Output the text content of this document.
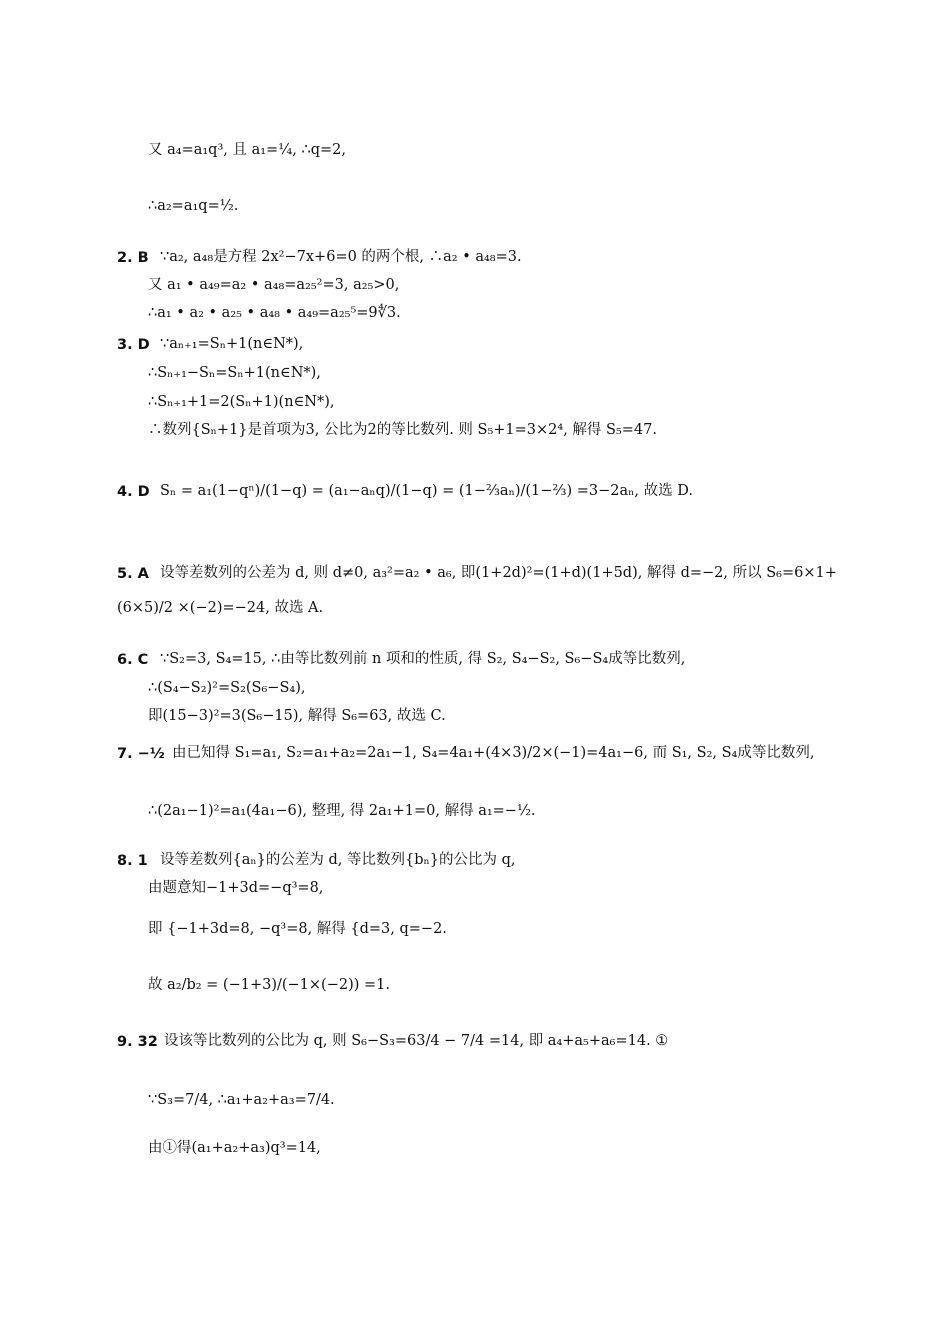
又 a₄=a₁q³, 且 a₁=¼, ∴q=2,
∴a₂=a₁q=½.
2. B ∵a₂, a₄₈是方程 2x²−7x+6=0 的两个根, ∴a₂ • a₄₈=3.
又 a₁ • a₄₉=a₂ • a₄₈=a₂₅²=3, a₂₅>0,
∴a₁ • a₂ • a₂₅ • a₄₈ • a₄₉=a₂₅⁵=9∜3.
3. D ∵aₙ₊₁=Sₙ+1(n∈N*),
∴Sₙ₊₁−Sₙ=Sₙ+1(n∈N*),
∴Sₙ₊₁+1=2(Sₙ+1)(n∈N*),
∴数列{Sₙ+1}是首项为3, 公比为2的等比数列. 则 S₅+1=3×2⁴, 解得 S₅=47.
4. D Sₙ = a₁(1−qⁿ)/(1−q) = (a₁−aₙq)/(1−q) = (1−⅔aₙ)/(1−⅔) =3−2aₙ, 故选 D.
5. A 设等差数列的公差为 d, 则 d≠0, a₃²=a₂ • a₆, 即(1+2d)²=(1+d)(1+5d), 解得 d=−2, 所以 S₆=6×1+
(6×5)/2 ×(−2)=−24, 故选 A.
6. C ∵S₂=3, S₄=15, ∴由等比数列前 n 项和的性质, 得 S₂, S₄−S₂, S₆−S₄成等比数列,
∴(S₄−S₂)²=S₂(S₆−S₄),
即(15−3)²=3(S₆−15), 解得 S₆=63, 故选 C.
7. −½ 由已知得 S₁=a₁, S₂=a₁+a₂=2a₁−1, S₄=4a₁+(4×3)/2×(−1)=4a₁−6, 而 S₁, S₂, S₄成等比数列,
∴(2a₁−1)²=a₁(4a₁−6), 整理, 得 2a₁+1=0, 解得 a₁=−½.
8. 1 设等差数列{aₙ}的公差为 d, 等比数列{bₙ}的公比为 q,
由题意知−1+3d=−q³=8,
即 {−1+3d=8, −q³=8, 解得 {d=3, q=−2.
故 a₂/b₂ = (−1+3)/(−1×(−2)) =1.
9. 32 设该等比数列的公比为 q, 则 S₆−S₃=63/4 − 7/4 =14, 即 a₄+a₅+a₆=14. ①
∵S₃=7/4, ∴a₁+a₂+a₃=7/4.
由①得(a₁+a₂+a₃)q³=14,
